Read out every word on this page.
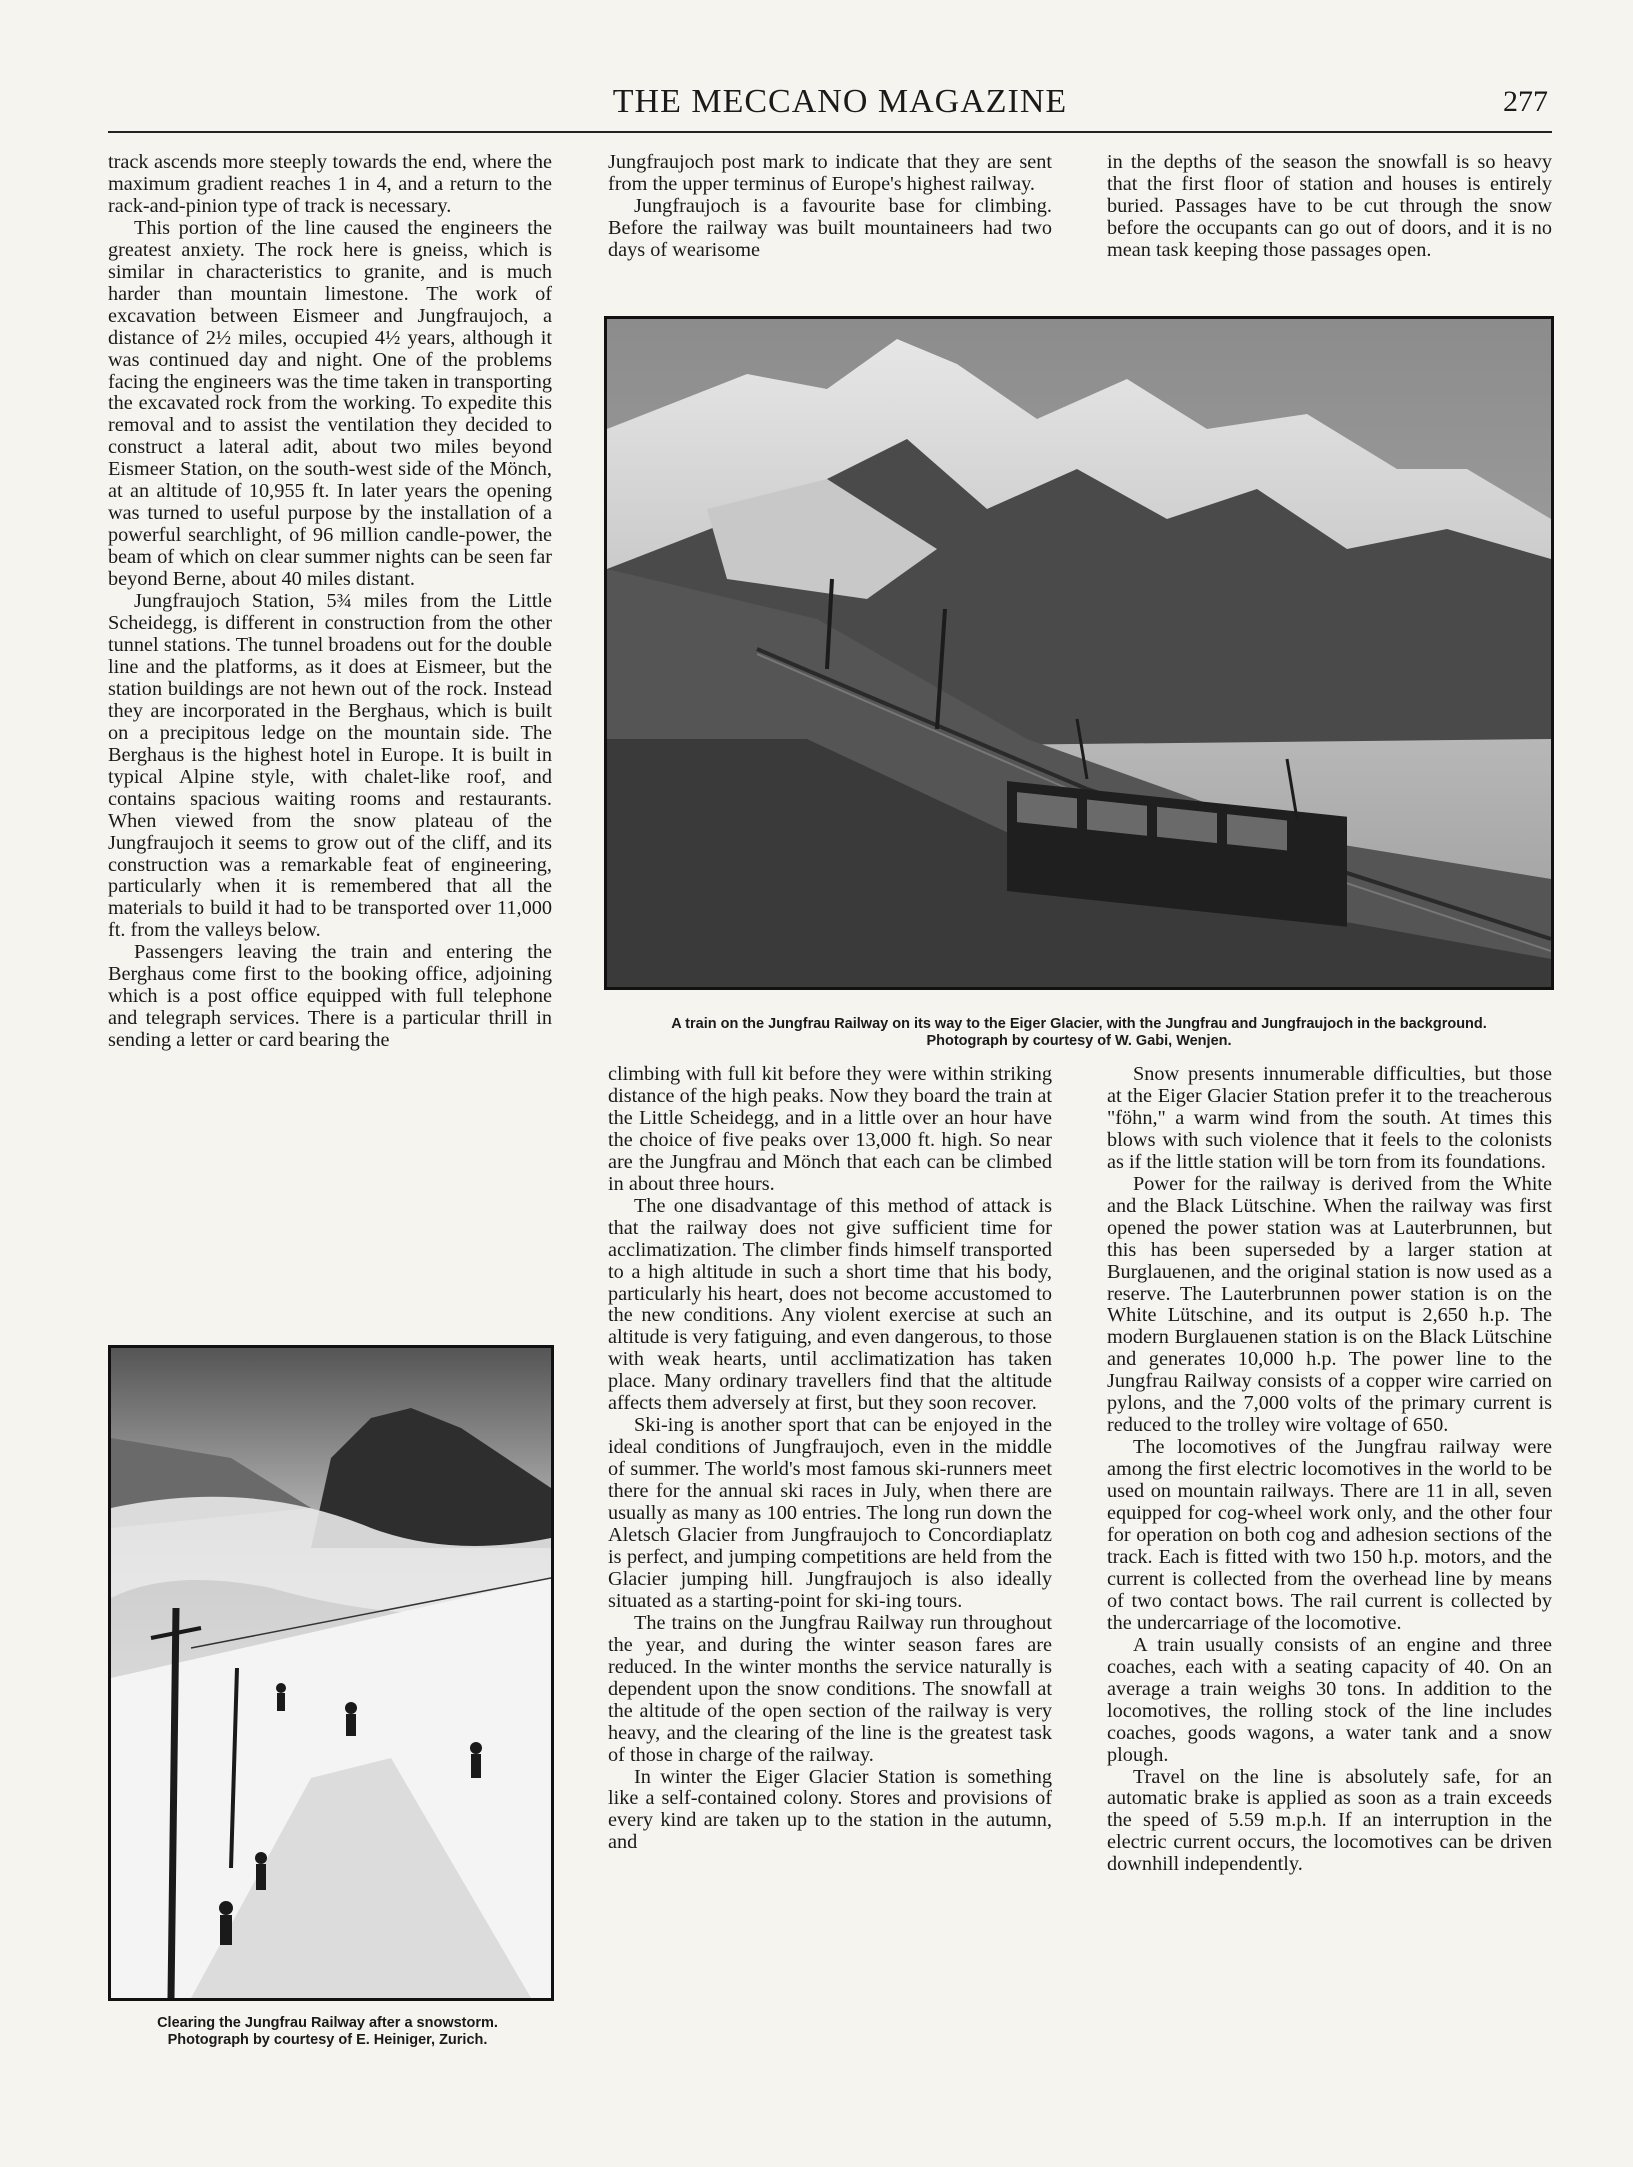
THE MECCANO MAGAZINE	277

track ascends more steeply towards the end, where the maximum gradient reaches 1 in 4, and a return to the rack-and-pinion type of track is necessary.

This portion of the line caused the engineers the greatest anxiety. The rock here is gneiss, which is similar in characteristics to granite, and is much harder than mountain limestone. The work of excavation between Eismeer and Jungfraujoch, a distance of 2½ miles, occupied 4½ years, although it was continued day and night. One of the problems facing the engineers was the time taken in transporting the excavated rock from the working. To expedite this removal and to assist the ventilation they decided to construct a lateral adit, about two miles beyond Eismeer Station, on the south-west side of the Mönch, at an altitude of 10,955 ft. In later years the opening was turned to useful purpose by the installation of a powerful searchlight, of 96 million candle-power, the beam of which on clear summer nights can be seen far beyond Berne, about 40 miles distant.

Jungfraujoch Station, 5¾ miles from the Little Scheidegg, is different in construction from the other tunnel stations. The tunnel broadens out for the double line and the platforms, as it does at Eismeer, but the station buildings are not hewn out of the rock. Instead they are incorporated in the Berghaus, which is built on a precipitous ledge on the mountain side. The Berghaus is the highest hotel in Europe. It is built in typical Alpine style, with chalet-like roof, and contains spacious waiting rooms and restaurants. When viewed from the snow plateau of the Jungfraujoch it seems to grow out of the cliff, and its construction was a remarkable feat of engineering, particularly when it is remembered that all the materials to build it had to be transported over 11,000 ft. from the valleys below.

Passengers leaving the train and entering the Berghaus come first to the booking office, adjoining which is a post office equipped with full telephone and telegraph services. There is a particular thrill in sending a letter or card bearing the

Jungfraujoch post mark to indicate that they are sent from the upper terminus of Europe's highest railway.

Jungfraujoch is a favourite base for climbing. Before the railway was built mountaineers had two days of wearisome

in the depths of the season the snowfall is so heavy that the first floor of station and houses is entirely buried. Passages have to be cut through the snow before the occupants can go out of doors, and it is no mean task keeping those passages open.

A train on the Jungfrau Railway on its way to the Eiger Glacier, with the Jungfrau and Jungfraujoch in the background.
Photograph by courtesy of W. Gabi, Wenjen.

climbing with full kit before they were within striking distance of the high peaks. Now they board the train at the Little Scheidegg, and in a little over an hour have the choice of five peaks over 13,000 ft. high. So near are the Jungfrau and Mönch that each can be climbed in about three hours.

The one disadvantage of this method of attack is that the railway does not give sufficient time for acclimatization. The climber finds himself transported to a high altitude in such a short time that his body, particularly his heart, does not become accustomed to the new conditions. Any violent exercise at such an altitude is very fatiguing, and even dangerous, to those with weak hearts, until acclimatization has taken place. Many ordinary travellers find that the altitude affects them adversely at first, but they soon recover.

Ski-ing is another sport that can be enjoyed in the ideal conditions of Jungfraujoch, even in the middle of summer. The world's most famous ski-runners meet there for the annual ski races in July, when there are usually as many as 100 entries. The long run down the Aletsch Glacier from Jungfraujoch to Concordiaplatz is perfect, and jumping competitions are held from the Glacier jumping hill. Jungfraujoch is also ideally situated as a starting-point for ski-ing tours.

The trains on the Jungfrau Railway run throughout the year, and during the winter season fares are reduced. In the winter months the service naturally is dependent upon the snow conditions. The snowfall at the altitude of the open section of the railway is very heavy, and the clearing of the line is the greatest task of those in charge of the railway.

In winter the Eiger Glacier Station is something like a self-contained colony. Stores and provisions of every kind are taken up to the station in the autumn, and

Snow presents innumerable difficulties, but those at the Eiger Glacier Station prefer it to the treacherous "föhn," a warm wind from the south. At times this blows with such violence that it feels to the colonists as if the little station will be torn from its foundations.

Power for the railway is derived from the White and the Black Lütschine. When the railway was first opened the power station was at Lauterbrunnen, but this has been superseded by a larger station at Burglauenen, and the original station is now used as a reserve. The Lauterbrunnen power station is on the White Lütschine, and its output is 2,650 h.p. The modern Burglauenen station is on the Black Lütschine and generates 10,000 h.p. The power line to the Jungfrau Railway consists of a copper wire carried on pylons, and the 7,000 volts of the primary current is reduced to the trolley wire voltage of 650.

The locomotives of the Jungfrau railway were among the first electric locomotives in the world to be used on mountain railways. There are 11 in all, seven equipped for cog-wheel work only, and the other four for operation on both cog and adhesion sections of the track. Each is fitted with two 150 h.p. motors, and the current is collected from the overhead line by means of two contact bows. The rail current is collected by the undercarriage of the locomotive.

A train usually consists of an engine and three coaches, each with a seating capacity of 40. On an average a train weighs 30 tons. In addition to the locomotives, the rolling stock of the line includes coaches, goods wagons, a water tank and a snow plough.

Travel on the line is absolutely safe, for an automatic brake is applied as soon as a train exceeds the speed of 5.59 m.p.h. If an interruption in the electric current occurs, the locomotives can be driven downhill independently.

Clearing the Jungfrau Railway after a snowstorm.
Photograph by courtesy of E. Heiniger, Zurich.
